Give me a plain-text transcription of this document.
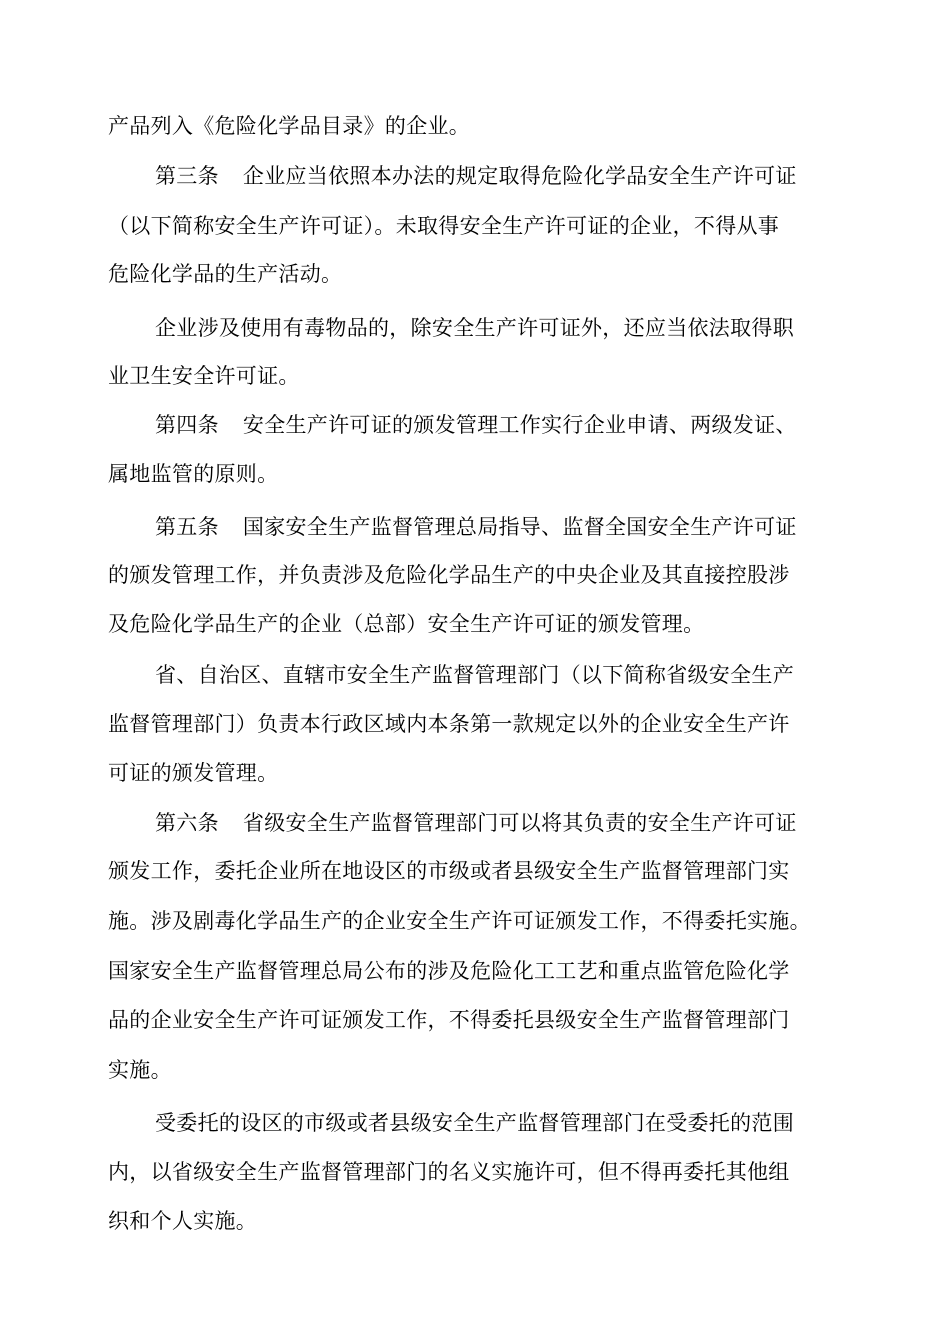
产品列入《危险化学品目录》的企业。
第三条 企业应当依照本办法的规定取得危险化学品安全生产许可证
（以下简称安全生产许可证）。未取得安全生产许可证的企业，不得从事
危险化学品的生产活动。
企业涉及使用有毒物品的，除安全生产许可证外，还应当依法取得职
业卫生安全许可证。
第四条 安全生产许可证的颁发管理工作实行企业申请、两级发证、
属地监管的原则。
第五条 国家安全生产监督管理总局指导、监督全国安全生产许可证
的颁发管理工作，并负责涉及危险化学品生产的中央企业及其直接控股涉
及危险化学品生产的企业（总部）安全生产许可证的颁发管理。
省、自治区、直辖市安全生产监督管理部门（以下简称省级安全生产
监督管理部门）负责本行政区域内本条第一款规定以外的企业安全生产许
可证的颁发管理。
第六条 省级安全生产监督管理部门可以将其负责的安全生产许可证
颁发工作，委托企业所在地设区的市级或者县级安全生产监督管理部门实
施。涉及剧毒化学品生产的企业安全生产许可证颁发工作，不得委托实施。
国家安全生产监督管理总局公布的涉及危险化工工艺和重点监管危险化学
品的企业安全生产许可证颁发工作，不得委托县级安全生产监督管理部门
实施。
受委托的设区的市级或者县级安全生产监督管理部门在受委托的范围
内，以省级安全生产监督管理部门的名义实施许可，但不得再委托其他组
织和个人实施。
